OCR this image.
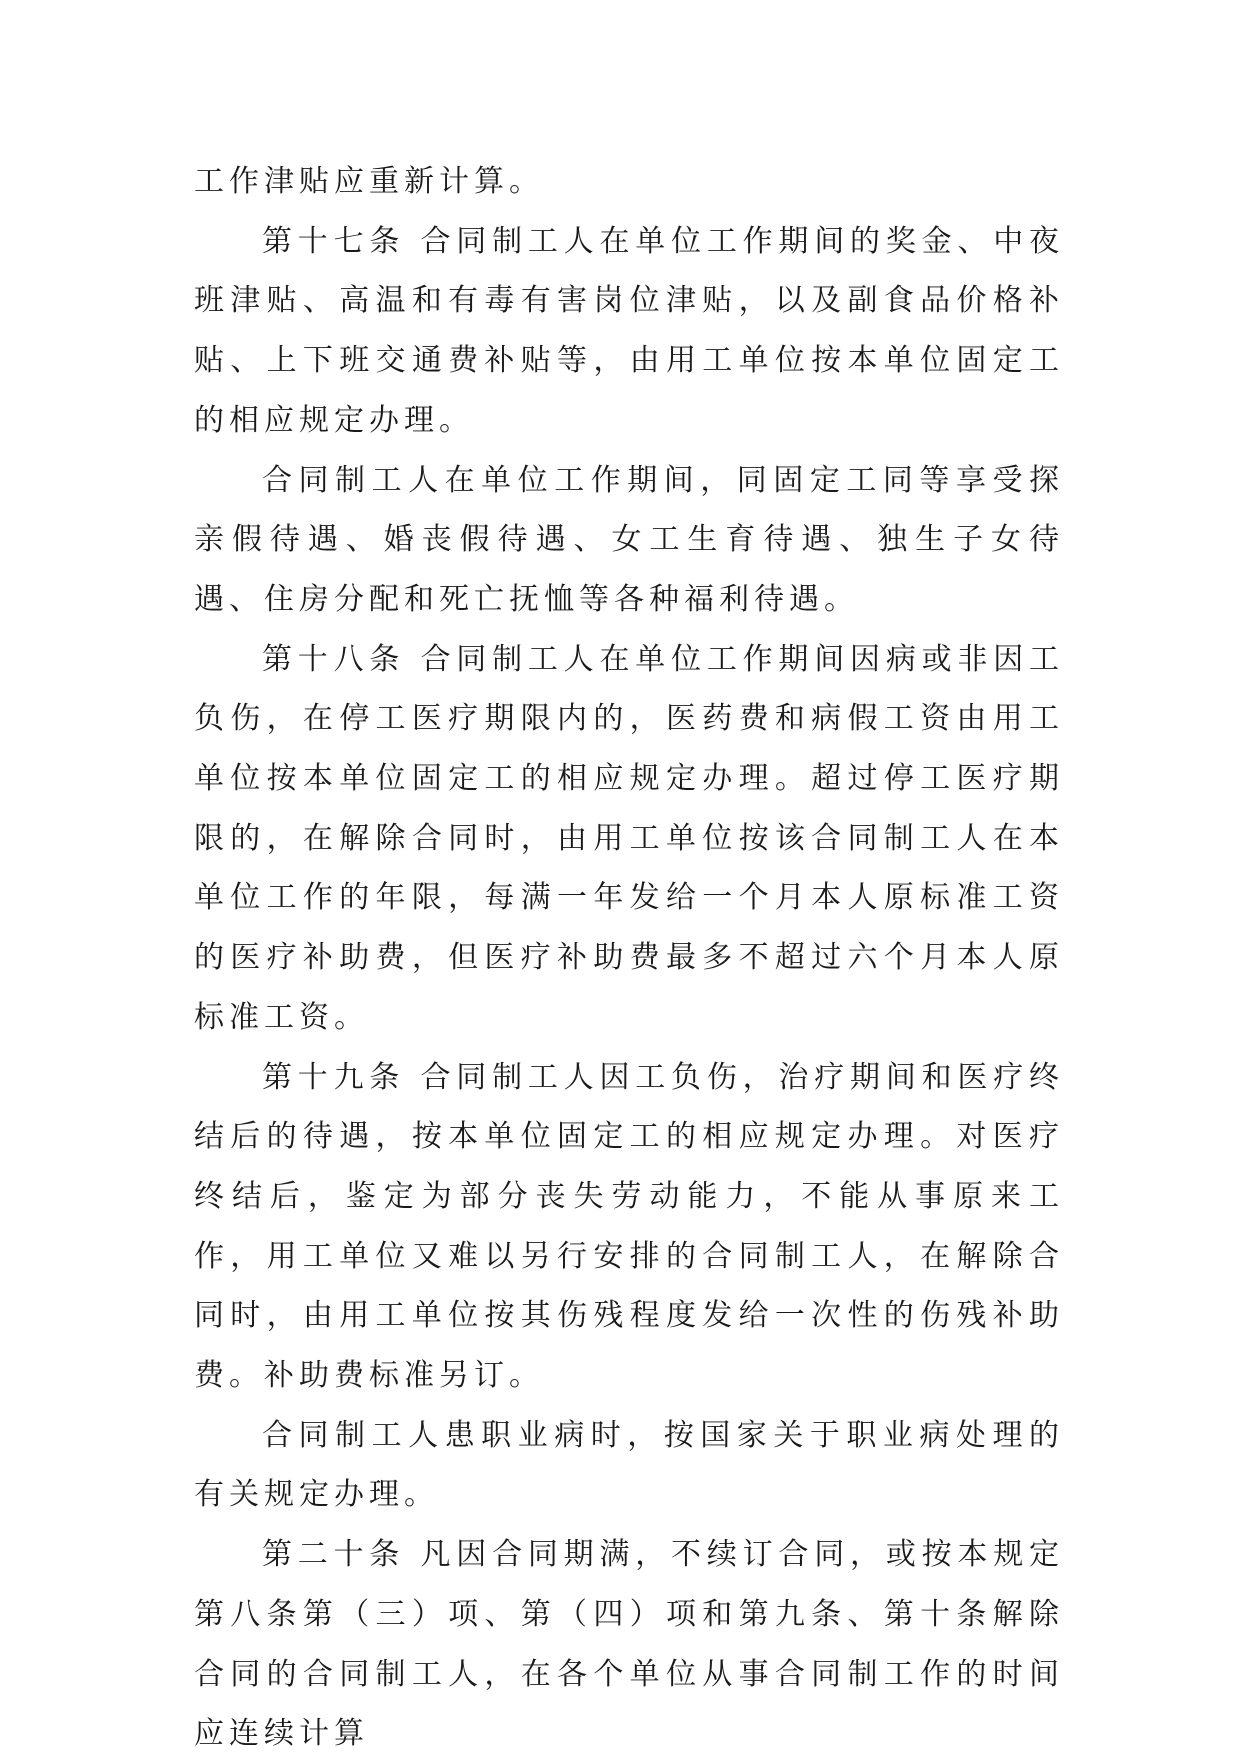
工作津贴应重新计算。

第十七条 合同制工人在单位工作期间的奖金、中夜班津贴、高温和有毒有害岗位津贴，以及副食品价格补贴、上下班交通费补贴等，由用工单位按本单位固定工的相应规定办理。

合同制工人在单位工作期间，同固定工同等享受探亲假待遇、婚丧假待遇、女工生育待遇、独生子女待遇、住房分配和死亡抚恤等各种福利待遇。

第十八条 合同制工人在单位工作期间因病或非因工负伤，在停工医疗期限内的，医药费和病假工资由用工单位按本单位固定工的相应规定办理。超过停工医疗期限的，在解除合同时，由用工单位按该合同制工人在本单位工作的年限，每满一年发给一个月本人原标准工资的医疗补助费，但医疗补助费最多不超过六个月本人原标准工资。

第十九条 合同制工人因工负伤，治疗期间和医疗终结后的待遇，按本单位固定工的相应规定办理。对医疗终结后，鉴定为部分丧失劳动能力，不能从事原来工作，用工单位又难以另行安排的合同制工人，在解除合同时，由用工单位按其伤残程度发给一次性的伤残补助费。补助费标准另订。

合同制工人患职业病时，按国家关于职业病处理的有关规定办理。

第二十条 凡因合同期满，不续订合同，或按本规定第八条第（三）项、第（四）项和第九条、第十条解除合同的合同制工人，在各个单位从事合同制工作的时间应连续计算
